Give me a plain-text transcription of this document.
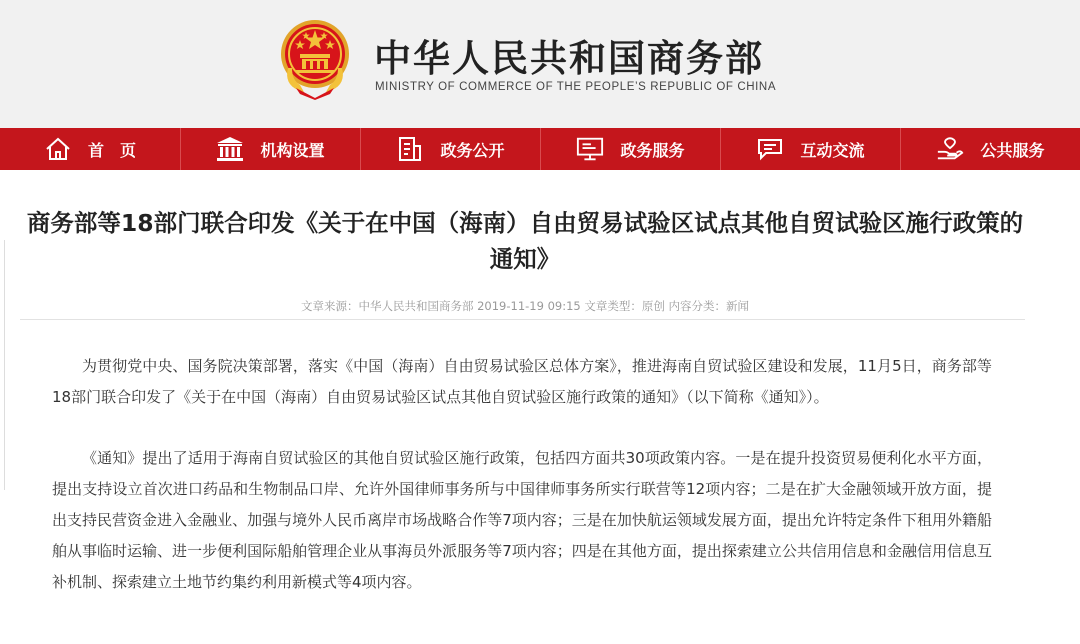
中华人民共和国商务部
MINISTRY OF COMMERCE OF THE PEOPLE’S REPUBLIC OF CHINA
首　页	机构设置	政务公开	政务服务	互动交流	公共服务
商务部等18部门联合印发《关于在中国（海南）自由贸易试验区试点其他自贸试验区施行政策的通知》
文章来源：中华人民共和国商务部 2019-11-19 09:15 文章类型：原创 内容分类：新闻

为贯彻党中央、国务院决策部署，落实《中国（海南）自由贸易试验区总体方案》，推进海南自贸试验区建设和发展，11月5日，商务部等18部门联合印发了《关于在中国（海南）自由贸易试验区试点其他自贸试验区施行政策的通知》（以下简称《通知》）。

《通知》提出了适用于海南自贸试验区的其他自贸试验区施行政策，包括四方面共30项政策内容。一是在提升投资贸易便利化水平方面，提出支持设立首次进口药品和生物制品口岸、允许外国律师事务所与中国律师事务所实行联营等12项内容；二是在扩大金融领域开放方面，提出支持民营资金进入金融业、加强与境外人民币离岸市场战略合作等7项内容；三是在加快航运领域发展方面，提出允许特定条件下租用外籍船舶从事临时运输、进一步便利国际船舶管理企业从事海员外派服务等7项内容；四是在其他方面，提出探索建立公共信用信息和金融信用信息互补机制、探索建立土地节约集约利用新模式等4项内容。
